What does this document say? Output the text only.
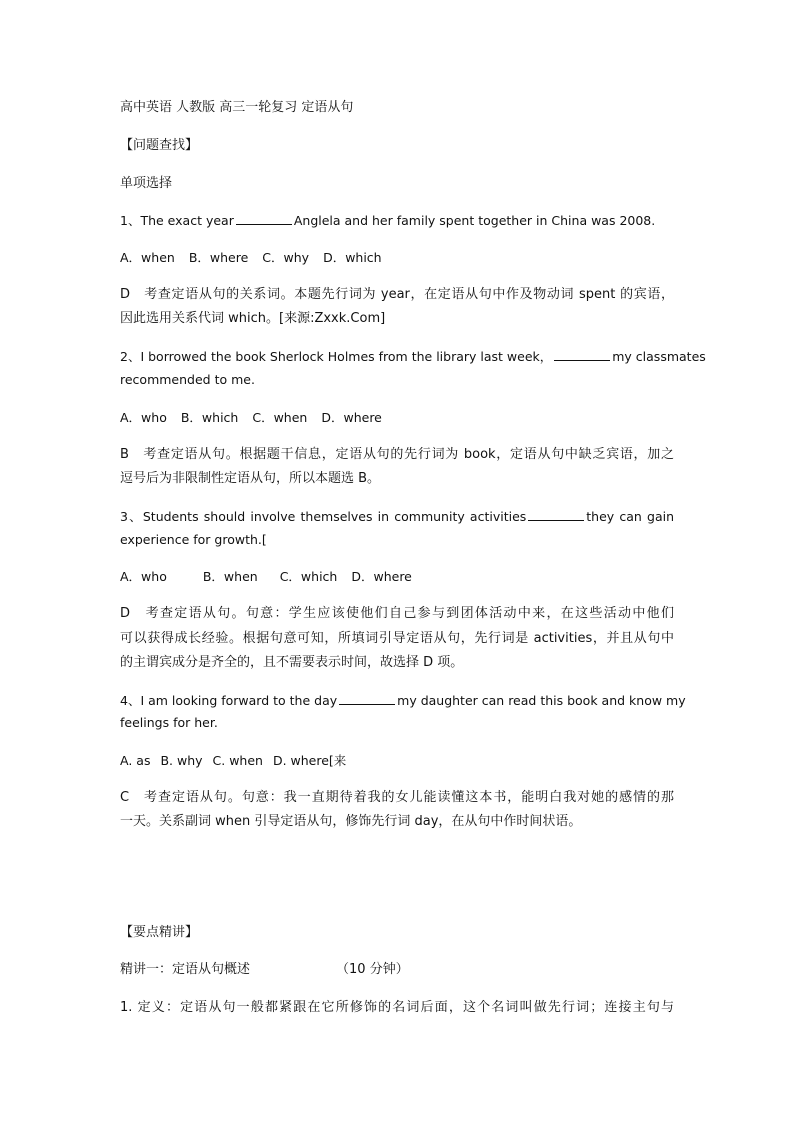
高中英语 人教版 高三一轮复习 定语从句
【问题查找】
单项选择
1、The exact year	Anglela and her family spent together in China was 2008.
A．when B．where C．why D．which
D　考查定语从句的关系词。本题先行词为 year，在定语从句中作及物动词 spent 的宾语，
因此选用关系代词 which。[来源:Zxxk.Com]
2、I borrowed the book Sherlock Holmes from the library last week，	my classmates
recommended to me.
A．who B．which C．when D．where
B　考查定语从句。根据题干信息，定语从句的先行词为 book，定语从句中缺乏宾语，加之
逗号后为非限制性定语从句，所以本题选 B。
3、Students should involve themselves in community activities	they can gain
experience for growth.[
A．who	B．when C．which D．where
D　考查定语从句。句意：学生应该使他们自己参与到团体活动中来，在这些活动中他们
可以获得成长经验。根据句意可知，所填词引导定语从句，先行词是 activities，并且从句中
的主谓宾成分是齐全的，且不需要表示时间，故选择 D 项。
4、I am looking forward to the day	my daughter can read this book and know my
feelings for her.
A. as B. why C. when D. where[来
C　考查定语从句。句意：我一直期待着我的女儿能读懂这本书，能明白我对她的感情的那
一天。关系副词 when 引导定语从句，修饰先行词 day，在从句中作时间状语。
【要点精讲】
精讲一：定语从句概述	（10 分钟）
1. 定义：定语从句一般都紧跟在它所修饰的名词后面，这个名词叫做先行词；连接主句与
